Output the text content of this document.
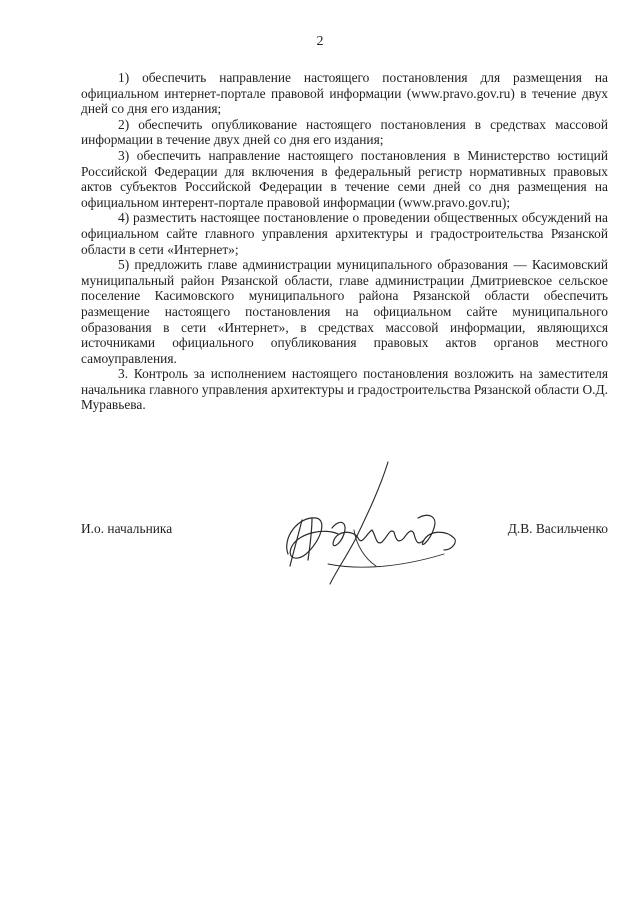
2

1) обеспечить направление настоящего постановления для размещения на официальном интернет-портале правовой информации (www.pravo.gov.ru) в течение двух дней со дня его издания;

2) обеспечить опубликование настоящего постановления в средствах массовой информации в течение двух дней со дня его издания;

3) обеспечить направление настоящего постановления в Министерство юстиций Российской Федерации для включения в федеральный регистр нормативных правовых актов субъектов Российской Федерации в течение семи дней со дня размещения на официальном интерент-портале правовой информации (www.pravo.gov.ru);

4) разместить настоящее постановление о проведении общественных обсуждений на официальном сайте главного управления архитектуры и градостроительства Рязанской области в сети «Интернет»;

5) предложить главе администрации муниципального образования — Касимовский муниципальный район Рязанской области, главе администрации Дмитриевское сельское поселение Касимовского муниципального района Рязанской области обеспечить размещение настоящего постановления на официальном сайте муниципального образования в сети «Интернет», в средствах массовой информации, являющихся источниками официального опубликования правовых актов органов местного самоуправления.

3. Контроль за исполнением настоящего постановления возложить на заместителя начальника главного управления архитектуры и градостроительства Рязанской области О.Д. Муравьева.

И.о. начальника	Д.В. Васильченко
